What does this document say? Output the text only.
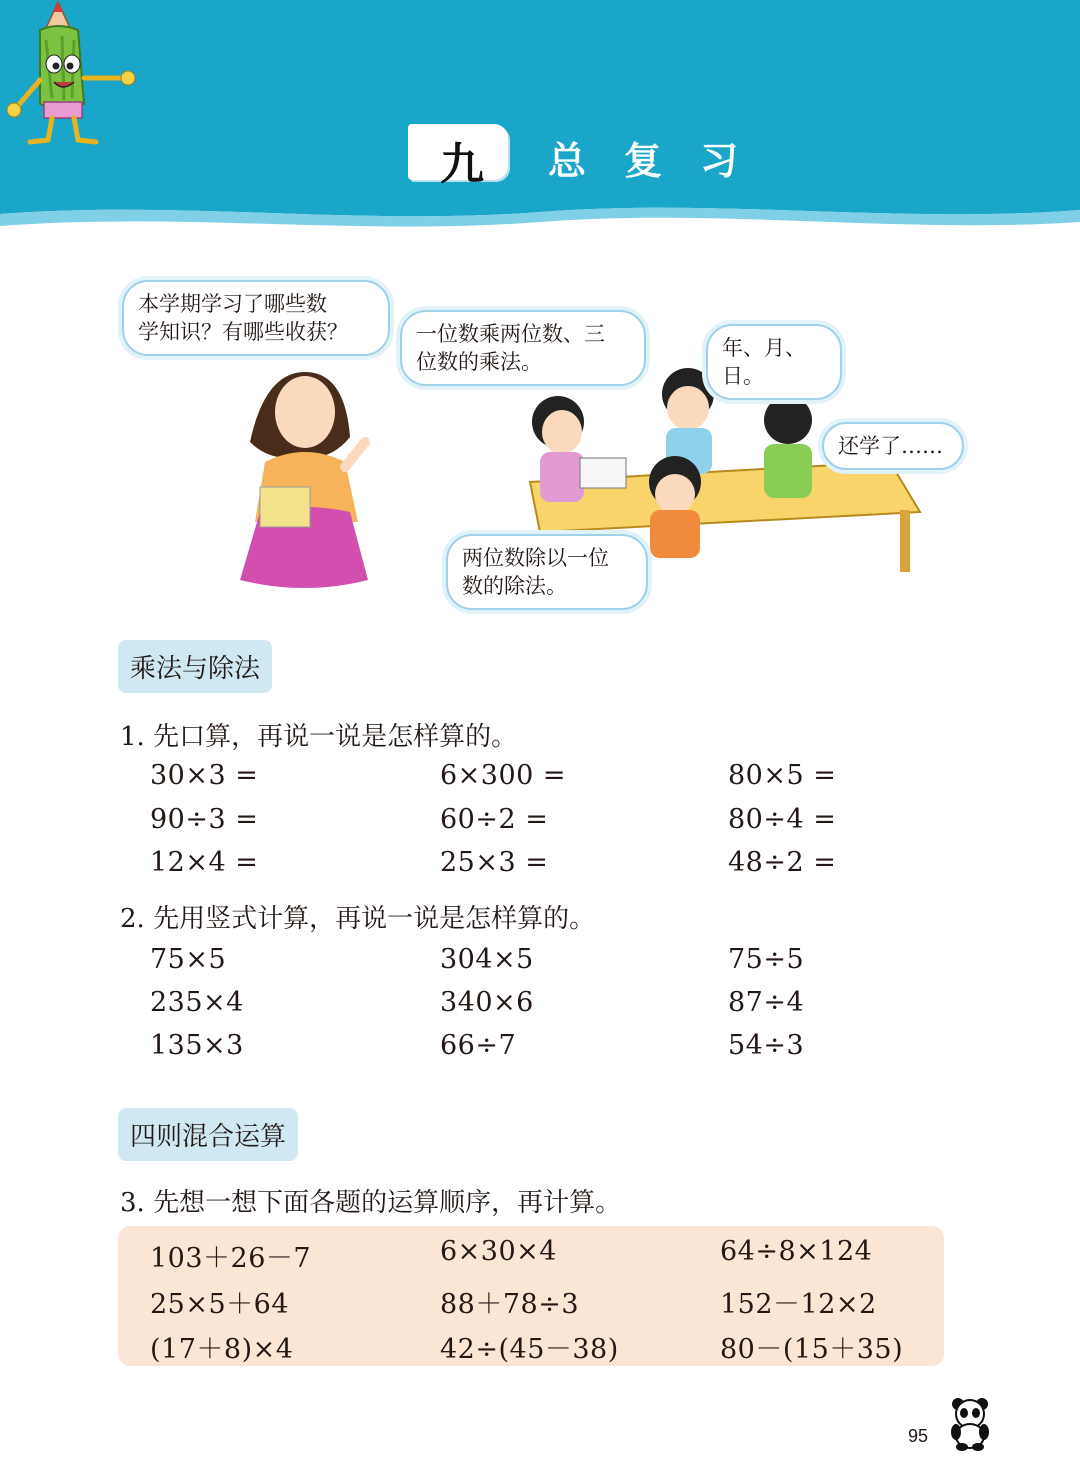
九 总复习
本学期学习了哪些数
学知识？有哪些收获？	一位数乘两位数、三
位数的乘法。
年、月、日。
还学了……
两位数除以一位
数的除法。
乘法与除法
1. 先口算，再说一说是怎样算的。
30×3 =	6×300 =	80×5 =
90÷3 =	60÷2 =	80÷4 =
12×4 =	25×3 =	48÷2 =
2. 先用竖式计算，再说一说是怎样算的。
75×5	304×5	75÷5
235×4	340×6	87÷4
135×3	66÷7	54÷3
四则混合运算
3. 先想一想下面各题的运算顺序，再计算。
103＋26－7	6×30×4	64÷8×124
25×5＋64	88＋78÷3	152－12×2
(17＋8)×4	42÷(45－38)	80－(15＋35)
95
